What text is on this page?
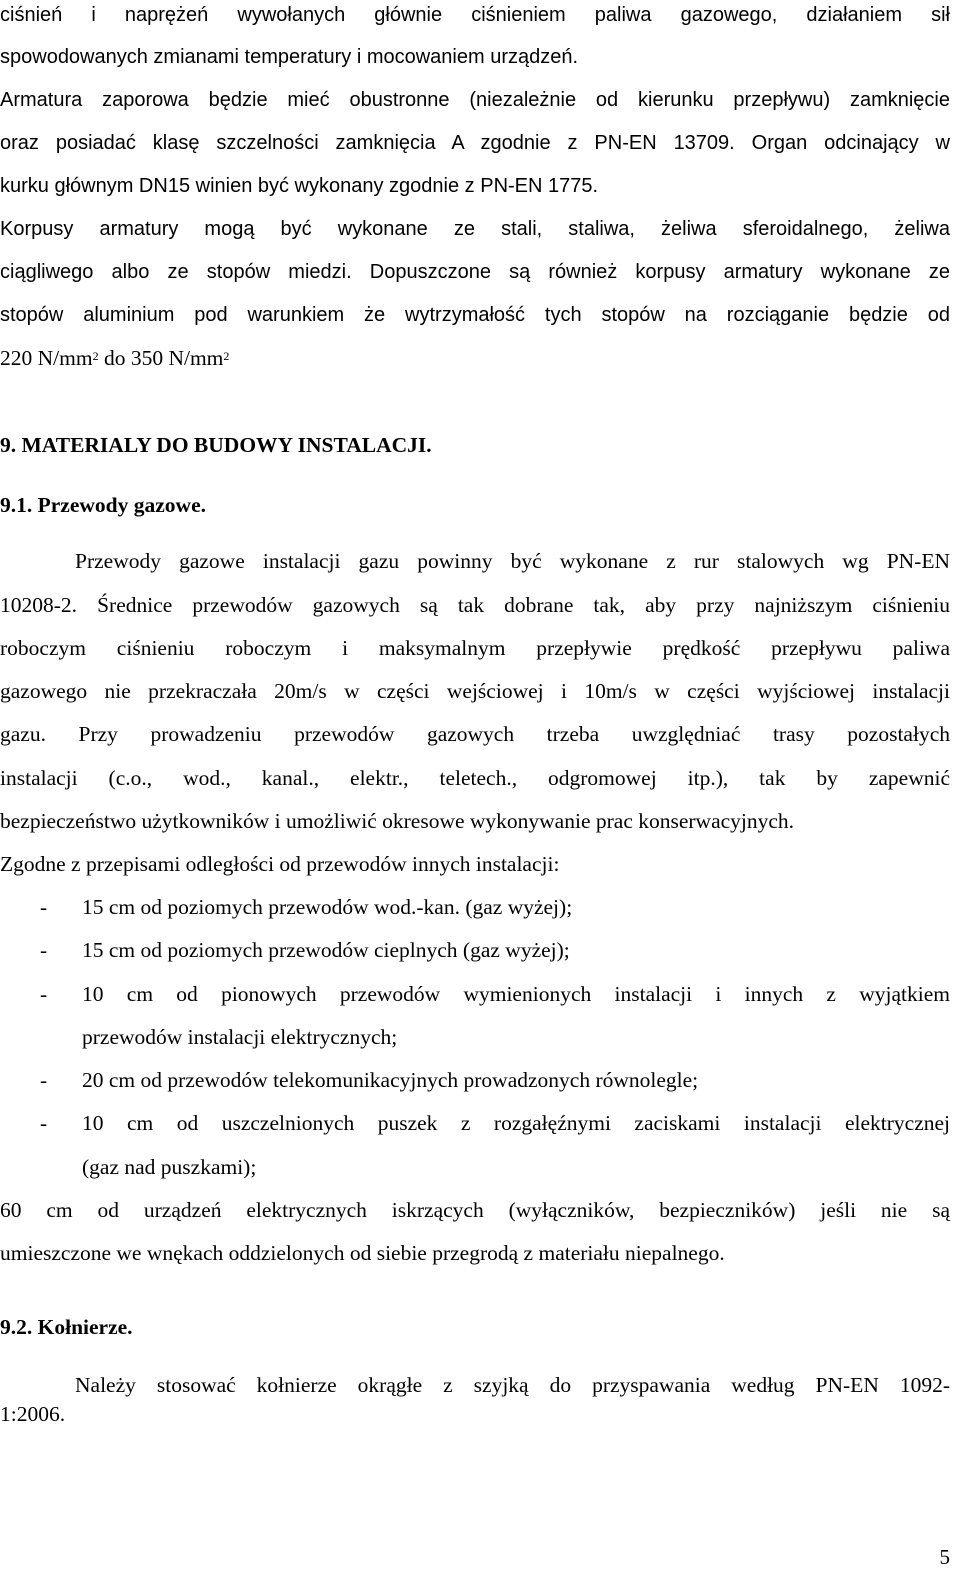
ciśnień i naprężeń wywołanych głównie ciśnieniem paliwa gazowego, działaniem sił
spowodowanych zmianami temperatury i mocowaniem urządzeń.
Armatura zaporowa będzie mieć obustronne (niezależnie od kierunku przepływu) zamknięcie
oraz posiadać klasę szczelności zamknięcia A zgodnie z PN-EN 13709. Organ odcinający w
kurku głównym DN15 winien być wykonany zgodnie z PN-EN 1775.
Korpusy armatury mogą być wykonane ze stali, staliwa, żeliwa sferoidalnego, żeliwa
ciągliwego albo ze stopów miedzi. Dopuszczone są również korpusy armatury wykonane ze
stopów aluminium pod warunkiem że wytrzymałość tych stopów na rozciąganie będzie od
220 $N/mm^2$ do 350 $N/mm^2$
9. MATERIALY DO BUDOWY INSTALACJI.
9.1. Przewody gazowe.
Przewody gazowe instalacji gazu powinny być wykonane z rur stalowych wg PN-EN
10208-2. Średnice przewodów gazowych są tak dobrane tak, aby przy najniższym ciśnieniu
roboczym ciśnieniu roboczym i maksymalnym przepływie prędkość przepływu paliwa
gazowego nie przekraczała 20m/s w części wejściowej i 10m/s w części wyjściowej instalacji
gazu. Przy prowadzeniu przewodów gazowych trzeba uwzględniać trasy pozostałych
instalacji (c.o., wod., kanal., elektr., teletech., odgromowej itp.), tak by zapewnić
bezpieczeństwo użytkowników i umożliwić okresowe wykonywanie prac konserwacyjnych.
Zgodne z przepisami odległości od przewodów innych instalacji:
-	15 cm od poziomych przewodów wod.-kan. (gaz wyżej);
-	15 cm od poziomych przewodów cieplnych (gaz wyżej);
-	10 cm od pionowych przewodów wymienionych instalacji i innych z wyjątkiem
przewodów instalacji elektrycznych;
-	20 cm od przewodów telekomunikacyjnych prowadzonych równolegle;
-	10 cm od uszczelnionych puszek z rozgałęźnymi zaciskami instalacji elektrycznej
(gaz nad puszkami);
60 cm od urządzeń elektrycznych iskrzących (wyłączników, bezpieczników) jeśli nie są
umieszczone we wnękach oddzielonych od siebie przegrodą z materiału niepalnego.
9.2. Kołnierze.
Należy stosować kołnierze okrągłe z szyjką do przyspawania według PN-EN 1092-
1:2006.
5
